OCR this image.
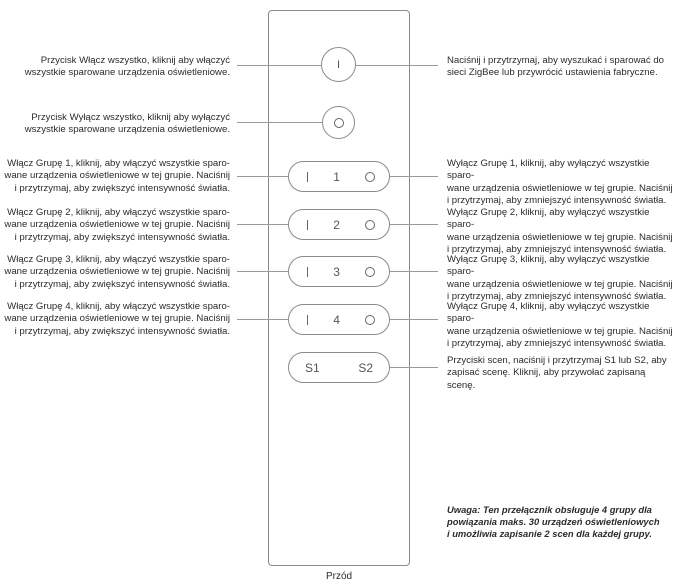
I
1
2
3
4
S1	S2
Przycisk Włącz wszystko, kliknij aby włączyć
wszystkie sparowane urządzenia oświetleniowe.
Przycisk Wyłącz wszystko, kliknij aby wyłączyć
wszystkie sparowane urządzenia oświetleniowe.
Włącz Grupę 1, kliknij, aby włączyć wszystkie sparo-
wane urządzenia oświetleniowe w tej grupie. Naciśnij
i przytrzymaj, aby zwiększyć intensywność światła.
Włącz Grupę 2, kliknij, aby włączyć wszystkie sparo-
wane urządzenia oświetleniowe w tej grupie. Naciśnij
i przytrzymaj, aby zwiększyć intensywność światła.
Włącz Grupę 3, kliknij, aby włączyć wszystkie sparo-
wane urządzenia oświetleniowe w tej grupie. Naciśnij
i przytrzymaj, aby zwiększyć intensywność światła.
Włącz Grupę 4, kliknij, aby włączyć wszystkie sparo-
wane urządzenia oświetleniowe w tej grupie. Naciśnij
i przytrzymaj, aby zwiększyć intensywność światła.
Naciśnij i przytrzymaj, aby wyszukać i sparować do
sieci ZigBee lub przywrócić ustawienia fabryczne.
Wyłącz Grupę 1, kliknij, aby wyłączyć wszystkie sparo-
wane urządzenia oświetleniowe w tej grupie. Naciśnij
i przytrzymaj, aby zmniejszyć intensywność światła.
Wyłącz Grupę 2, kliknij, aby wyłączyć wszystkie sparo-
wane urządzenia oświetleniowe w tej grupie. Naciśnij
i przytrzymaj, aby zmniejszyć intensywność światła.
Wyłącz Grupę 3, kliknij, aby wyłączyć wszystkie sparo-
wane urządzenia oświetleniowe w tej grupie. Naciśnij
i przytrzymaj, aby zmniejszyć intensywność światła.
Wyłącz Grupę 4, kliknij, aby wyłączyć wszystkie sparo-
wane urządzenia oświetleniowe w tej grupie. Naciśnij
i przytrzymaj, aby zmniejszyć intensywność światła.
Przyciski scen, naciśnij i przytrzymaj S1 lub S2, aby
zapisać scenę. Kliknij, aby przywołać zapisaną scenę.
Uwaga: Ten przełącznik obsługuje 4 grupy dla
powiązania maks. 30 urządzeń oświetleniowych
i umożliwia zapisanie 2 scen dla każdej grupy.
Przód
